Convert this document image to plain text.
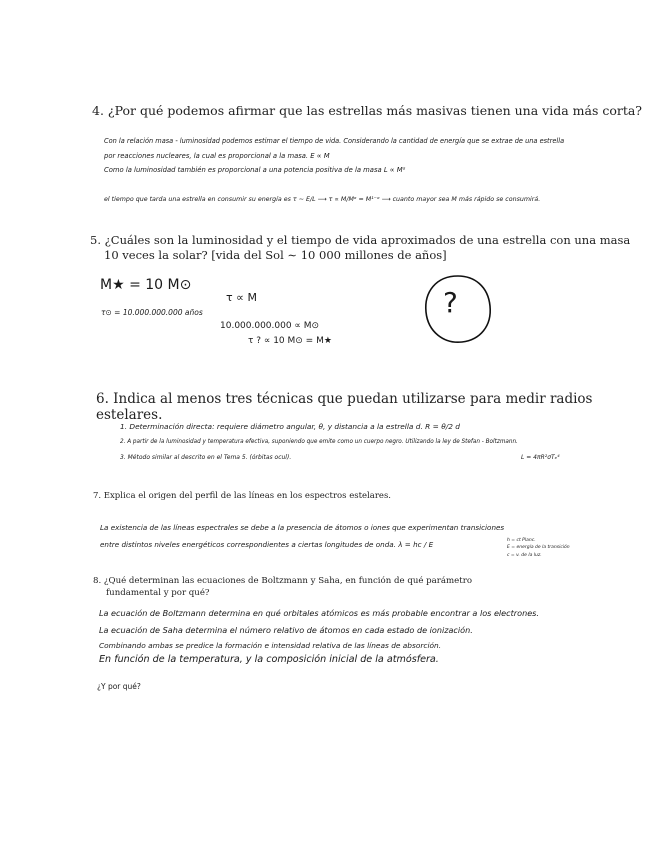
4. ¿Por qué podemos afirmar que las estrellas más masivas tienen una vida más corta?
Con la relación masa - luminosidad podemos estimar el tiempo de vida. Considerando la cantidad de energía que se extrae de una estrella
por reacciones nucleares, la cual es proporcional a la masa. E ∝ M
Como la luminosidad también es proporcional a una potencia positiva de la masa L ∝ Mᵅ
el tiempo que tarda una estrella en consumir su energía es τ ∼ E/L ⟶ τ ∝ M/Mᵅ = M¹⁻ᵅ ⟶ cuanto mayor sea M más rápido se consumirá.
5. ¿Cuáles son la luminosidad y el tiempo de vida aproximados de una estrella con una masa
10 veces la solar? [vida del Sol ∼ 10 000 millones de años]
M★ = 10 M⊙
τ ∝ M
τ⊙ = 10.000.000.000 años
10.000.000.000 ∝ M⊙
τ ? ∝ 10 M⊙ = M★
?
6. Indica al menos tres técnicas que puedan utilizarse para medir radios estelares.
1. Determinación directa: requiere diámetro angular, θ, y distancia a la estrella d. R = θ/2 d
2. A partir de la luminosidad y temperatura efectiva, suponiendo que emite como un cuerpo negro. Utilizando la ley de Stefan - Boltzmann.
3. Método similar al descrito en el Tema 5. (órbitas ocul).	L = 4πR²σTₑ⁴
7. Explica el origen del perfil de las líneas en los espectros estelares.
La existencia de las líneas espectrales se debe a la presencia de átomos o iones que experimentan transiciones
entre distintos niveles energéticos correspondientes a ciertas longitudes de onda. λ = hc / E	h = ct Planc.
E = energía de la transición
c = v. de la luz.
8. ¿Qué determinan las ecuaciones de Boltzmann y Saha, en función de qué parámetro
fundamental y por qué?
La ecuación de Boltzmann determina en qué orbitales atómicos es más probable encontrar a los electrones.
La ecuación de Saha determina el número relativo de átomos en cada estado de ionización.
Combinando ambas se predice la formación e intensidad relativa de las líneas de absorción.
En función de la temperatura, y la composición inicial de la atmósfera.
¿Y por qué?
